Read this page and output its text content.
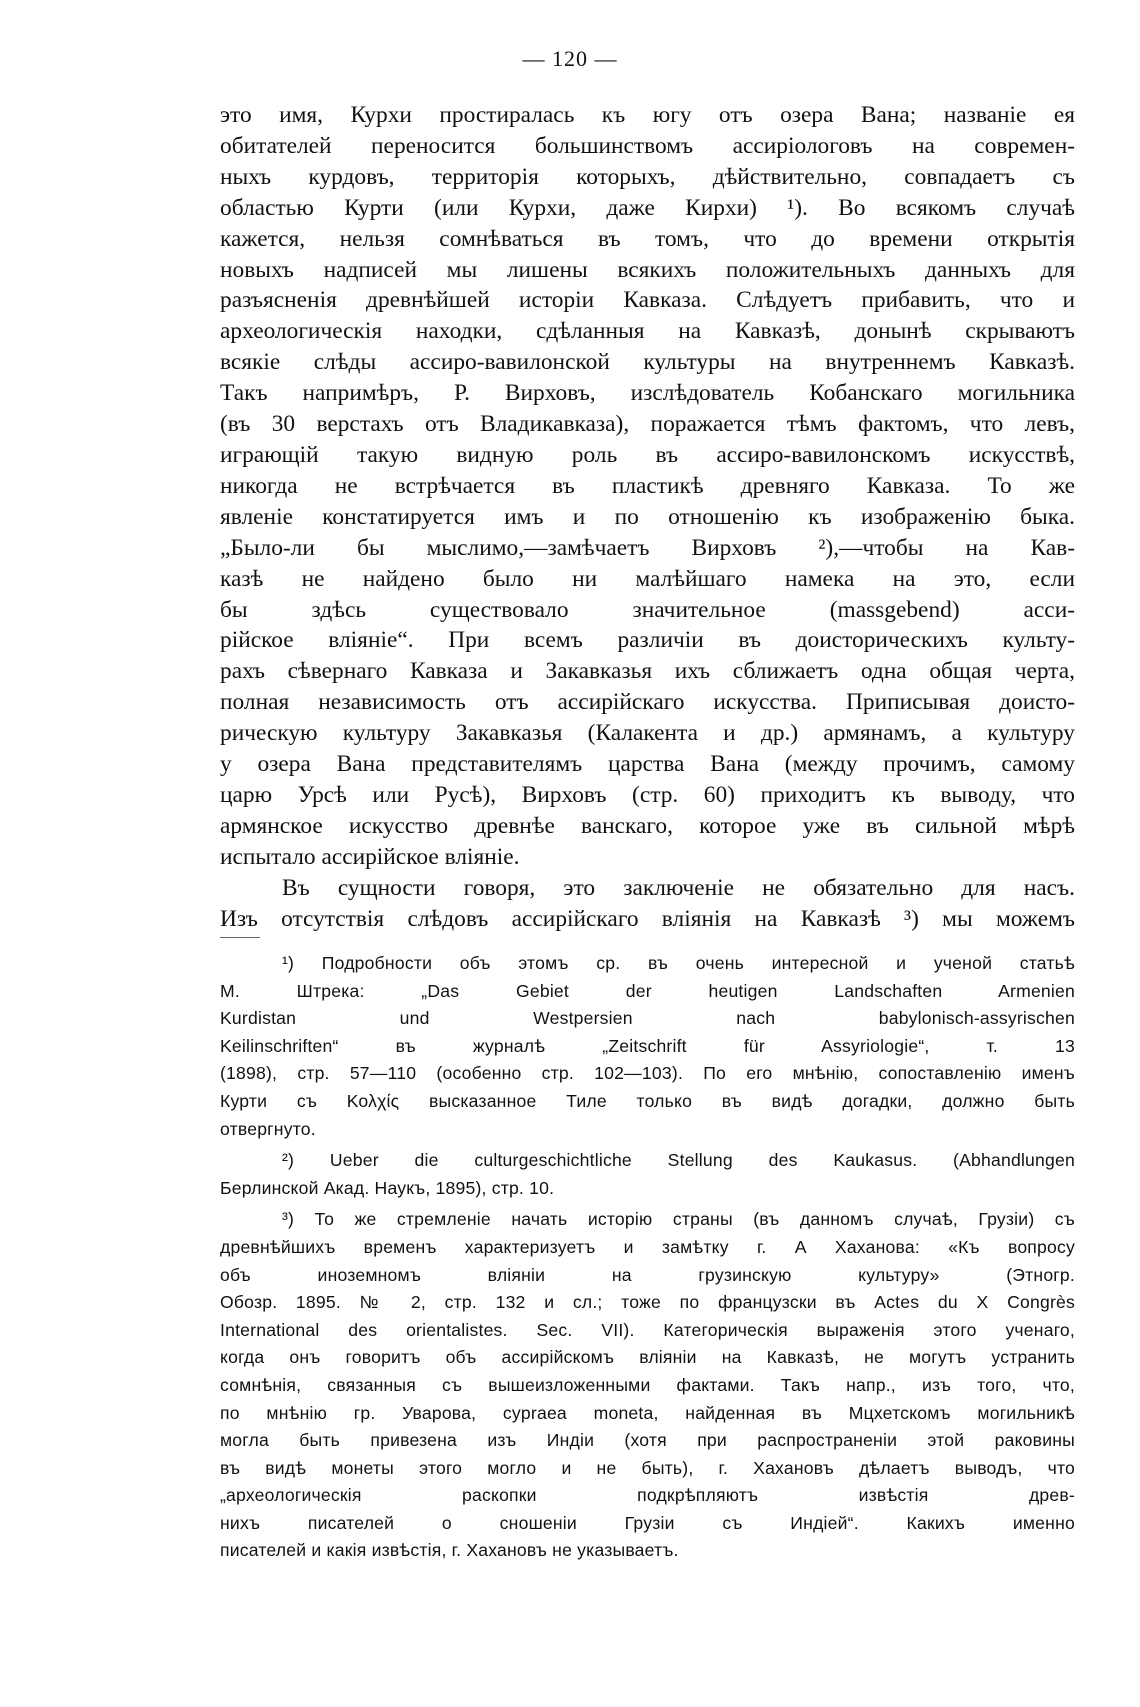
— 120 —
это имя, Курхи простиралась къ югу отъ озера Вана; названіе ея
обитателей переносится большинствомъ ассиріологовъ на современ-
ныхъ курдовъ, территорія которыхъ, дѣйствительно, совпадаетъ съ
областью Курти (или Курхи, даже Кирхи) ¹). Во всякомъ случаѣ
кажется, нельзя сомнѣваться въ томъ, что до времени открытія
новыхъ надписей мы лишены всякихъ положительныхъ данныхъ для
разъясненія древнѣйшей исторіи Кавказа. Слѣдуетъ прибавить, что и
археологическія находки, сдѣланныя на Кавказѣ, донынѣ скрываютъ
всякіе слѣды ассиро-вавилонской культуры на внутреннемъ Кавказѣ.
Такъ напримѣръ, Р. Вирховъ, изслѣдователь Кобанскаго могильника
(въ 30 верстахъ отъ Владикавказа), поражается тѣмъ фактомъ, что левъ,
играющій такую видную роль въ ассиро-вавилонскомъ искусствѣ,
никогда не встрѣчается въ пластикѣ древняго Кавказа. То же
явленіе констатируется имъ и по отношенію къ изображенію быка.
„Было-ли бы мыслимо,—замѣчаетъ Вирховъ ²),—чтобы на Кав-
казѣ не найдено было ни малѣйшаго намека на это, если
бы здѣсь существовало значительное (massgebend) асси-
рійское вліяніе“. При всемъ различіи въ доисторическихъ культу-
рахъ сѣвернаго Кавказа и Закавказья ихъ сближаетъ одна общая черта,
полная независимость отъ ассирійскаго искусства. Приписывая доисто-
рическую культуру Закавказья (Калакента и др.) армянамъ, а культуру
у озера Вана представителямъ царства Вана (между прочимъ, самому
царю Урсѣ или Русѣ), Вирховъ (стр. 60) приходитъ къ выводу, что
армянское искусство древнѣе ванскаго, которое уже въ сильной мѣрѣ
испытало ассирійское вліяніе.
Въ сущности говоря, это заключеніе не обязательно для насъ.
Изъ отсутствія слѣдовъ ассирійскаго вліянія на Кавказѣ ³) мы можемъ
¹) Подробности объ этомъ ср. въ очень интересной и ученой статьѣ
М. Штрека: „Das Gebiet der heutigen Landschaften Armenien
Kurdistan und Westpersien nach babylonisch-assyrischen
Keilinschriften“ въ журналѣ „Zeitschrift für Assyriologie“, т. 13
(1898), стр. 57—110 (особенно стр. 102—103). По его мнѣнію, сопоставленію именъ
Курти съ Κολχίς высказанное Тиле только въ видѣ догадки, должно быть
отвергнуто.
²) Ueber die culturgeschichtliche Stellung des Kaukasus. (Abhandlungen
Берлинской Акад. Наукъ, 1895), стр. 10.
³) То же стремленіе начать исторію страны (въ данномъ случаѣ, Грузіи) съ
древнѣйшихъ временъ характеризуетъ и замѣтку г. А Хаханова: «Къ вопросу
объ иноземномъ вліяніи на грузинскую культуру» (Этногр.
Обозр. 1895. № 2, стр. 132 и сл.; тоже по французски въ Actes du X Congrès
International des orientalistes. Sec. VII). Категорическія выраженія этого ученаго,
когда онъ говоритъ объ ассирійскомъ вліяніи на Кавказѣ, не могутъ устранить
сомнѣнія, связанныя съ вышеизложенными фактами. Такъ напр., изъ того, что,
по мнѣнію гр. Уварова, cypraea moneta, найденная въ Мцхетскомъ могильникѣ
могла быть привезена изъ Индіи (хотя при распространеніи этой раковины
въ видѣ монеты этого могло и не быть), г. Хахановъ дѣлаетъ выводъ, что
„археологическія раскопки подкрѣпляютъ извѣстія древ-
нихъ писателей о сношеніи Грузіи съ Индіей“. Какихъ именно
писателей и какія извѣстія, г. Хахановъ не указываетъ.
